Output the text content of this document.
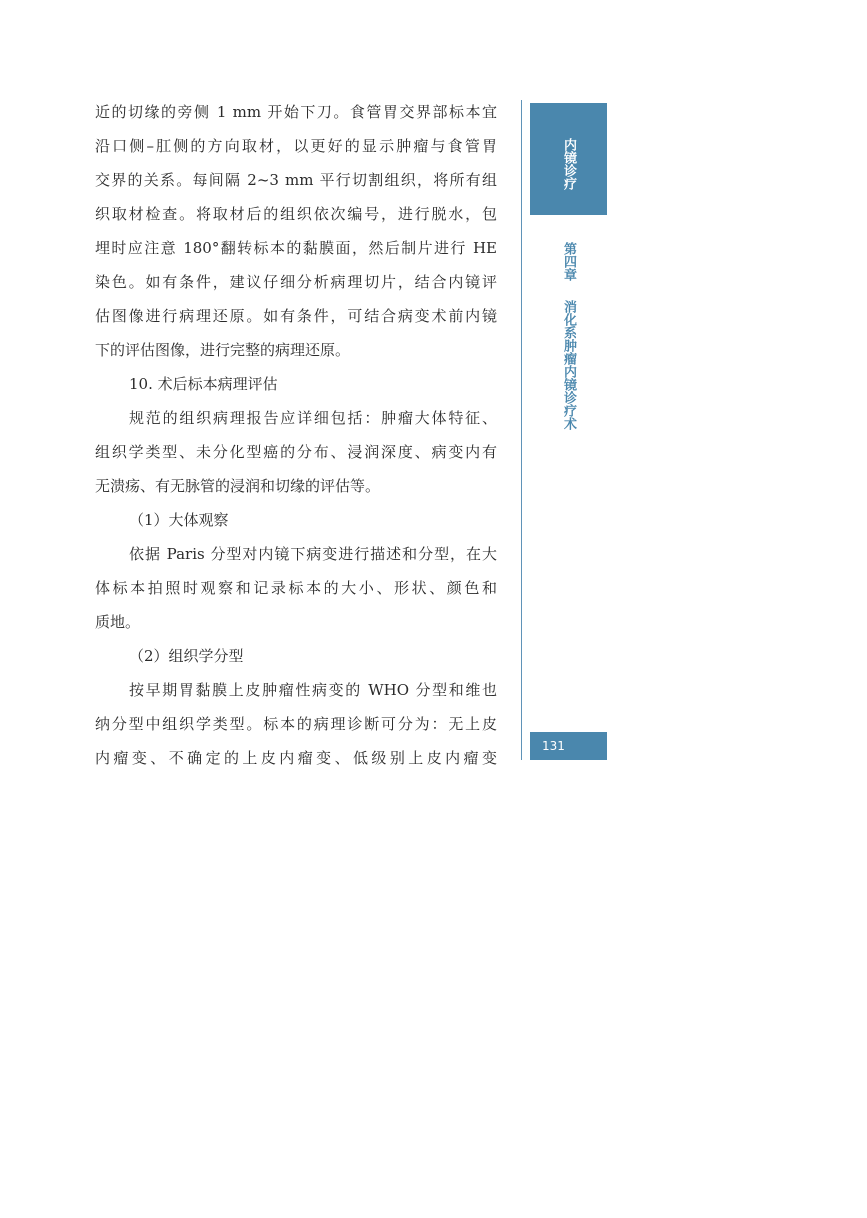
近的切缘的旁侧 1 mm 开始下刀。食管胃交界部标本宜
沿口侧–肛侧的方向取材，以更好的显示肿瘤与食管胃
交界的关系。每间隔 2~3 mm 平行切割组织，将所有组
织取材检查。将取材后的组织依次编号，进行脱水，包
埋时应注意 180°翻转标本的黏膜面，然后制片进行 HE
染色。如有条件，建议仔细分析病理切片，结合内镜评
估图像进行病理还原。如有条件，可结合病变术前内镜
下的评估图像，进行完整的病理还原。
10. 术后标本病理评估
规范的组织病理报告应详细包括：肿瘤大体特征、
组织学类型、未分化型癌的分布、浸润深度、病变内有
无溃疡、有无脉管的浸润和切缘的评估等。
（1）大体观察
依据 Paris 分型对内镜下病变进行描述和分型，在大
体标本拍照时观察和记录标本的大小、形状、颜色和
质地。
（2）组织学分型
按早期胃黏膜上皮肿瘤性病变的 WHO 分型和维也
纳分型中组织学类型。标本的病理诊断可分为：无上皮
内瘤变、不确定的上皮内瘤变、低级别上皮内瘤变
内镜诊疗
第四章
消化系肿瘤内镜诊疗术
131
